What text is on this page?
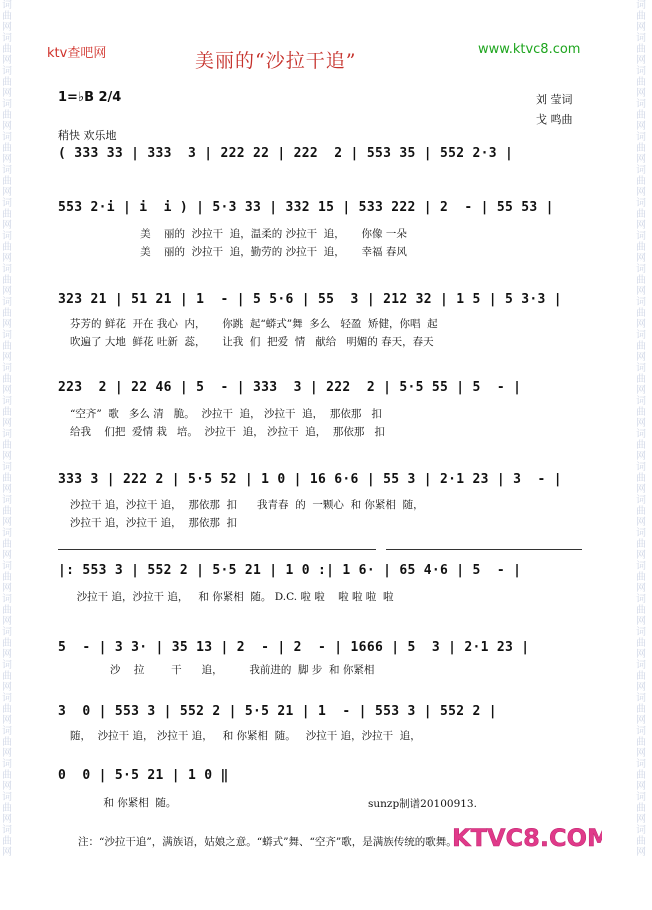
词曲网词曲网词曲网词曲网词曲网词曲网词曲网词曲网词曲网词曲网词曲网词曲网词曲网词曲网词曲网词曲网词曲网词曲网词曲网词曲网词曲网词曲网词曲网词曲网词曲网词曲网
词曲网词曲网词曲网词曲网词曲网词曲网词曲网词曲网词曲网词曲网词曲网词曲网词曲网词曲网词曲网词曲网词曲网词曲网词曲网词曲网词曲网词曲网词曲网词曲网词曲网词曲网
ktv查吧网	www.ktvc8.com
美丽的“沙拉干追”
1=♭B 2/4	刘 莹词
戈 鸣曲
稍快 欢乐地
( 333 33 | 333  3 | 222 22 | 222  2 | 553 35 | 552 2·3 |
553 2·i | i  i ) | 5·3 33 | 332 15 | 533 222 | 2  - | 55 53 |
美    丽的  沙拉干  追，温柔的 沙拉干  追，     你像 一朵
美    丽的  沙拉干  追，勤劳的 沙拉干  追，     幸福 春风
323 21 | 51 21 | 1  - | 5 5·6 | 55  3 | 212 32 | 1 5 | 5 3·3 |
芬芳的 鲜花  开在 我心  内，     你跳  起“蟒式”舞  多么   轻盈  矫健，你唱  起
吹遍了 大地  鲜花 吐新  蕊，     让我  们  把爱  情   献给   明媚的 春天，春天
223  2 | 22 46 | 5  - | 333  3 | 222  2 | 5·5 55 | 5  - |
“空齐”  歌   多么 清   脆。  沙拉干  追， 沙拉干  追，  那依那   扣
给我    们把  爱情 栽   培。  沙拉干  追， 沙拉干  追，  那依那   扣
333 3 | 222 2 | 5·5 52 | 1 0 | 16 6·6 | 55 3 | 2·1 23 | 3  - |
沙拉干 追，沙拉干 追，  那依那  扣      我青春  的  一颗心  和 你紧相  随，
沙拉干 追，沙拉干 追，  那依那  扣
|: 553 3 | 552 2 | 5·5 21 | 1 0 :| 1 6· | 65 4·6 | 5  - |
沙拉干 追，沙拉干 追，   和 你紧相  随。 D.C. 啦 啦    啦 啦 啦  啦
5  - | 3 3· | 35 13 | 2  - | 2  - | 1666 | 5  3 | 2·1 23 |
沙    拉        干      追，        我前进的  脚 步  和 你紧相
3  0 | 553 3 | 552 2 | 5·5 21 | 1  - | 553 3 | 552 2 |
随，  沙拉干 追， 沙拉干 追，   和 你紧相  随。   沙拉干 追，沙拉干  追，
0  0 | 5·5 21 | 1 0 ‖
和 你紧相  随。	sunzp制谱20100913.
KTVC8.COM
注：“沙拉干追”，满族语，姑娘之意。“蟒式”舞、“空齐”歌，是满族传统的歌舞。
